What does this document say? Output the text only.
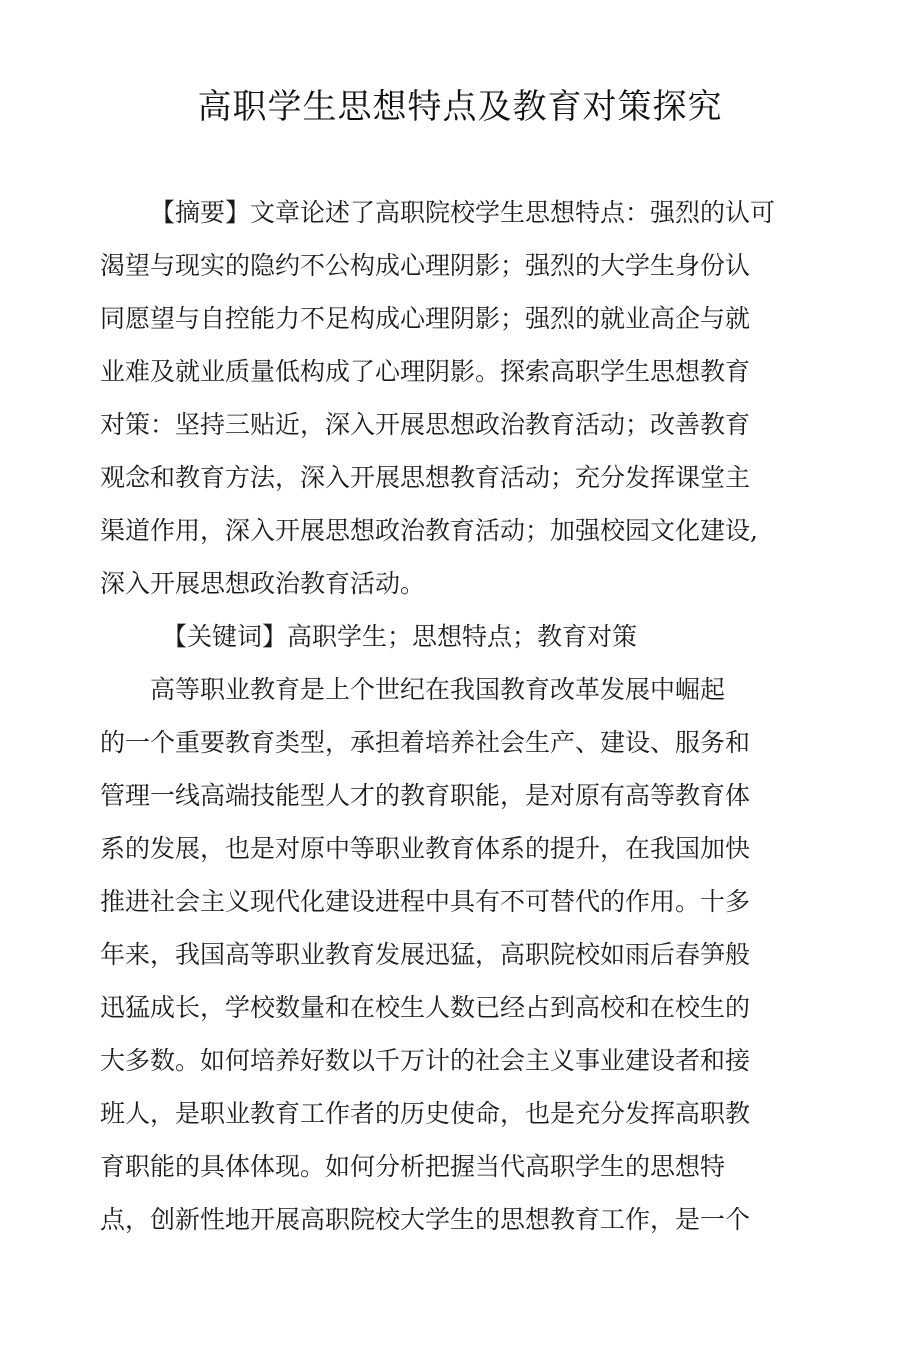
高职学生思想特点及教育对策探究
【摘要】文章论述了高职院校学生思想特点：强烈的认可
渴望与现实的隐约不公构成心理阴影；强烈的大学生身份认
同愿望与自控能力不足构成心理阴影；强烈的就业高企与就
业难及就业质量低构成了心理阴影。探索高职学生思想教育
对策：坚持三贴近，深入开展思想政治教育活动；改善教育
观念和教育方法，深入开展思想教育活动；充分发挥课堂主
渠道作用，深入开展思想政治教育活动；加强校园文化建设,
深入开展思想政治教育活动。
【关键词】高职学生；思想特点；教育对策
高等职业教育是上个世纪在我国教育改革发展中崛起
的一个重要教育类型，承担着培养社会生产、建设、服务和
管理一线高端技能型人才的教育职能，是对原有高等教育体
系的发展，也是对原中等职业教育体系的提升，在我国加快
推进社会主义现代化建设进程中具有不可替代的作用。十多
年来，我国高等职业教育发展迅猛，高职院校如雨后春笋般
迅猛成长，学校数量和在校生人数已经占到高校和在校生的
大多数。如何培养好数以千万计的社会主义事业建设者和接
班人，是职业教育工作者的历史使命，也是充分发挥高职教
育职能的具体体现。如何分析把握当代高职学生的思想特
点，创新性地开展高职院校大学生的思想教育工作，是一个
